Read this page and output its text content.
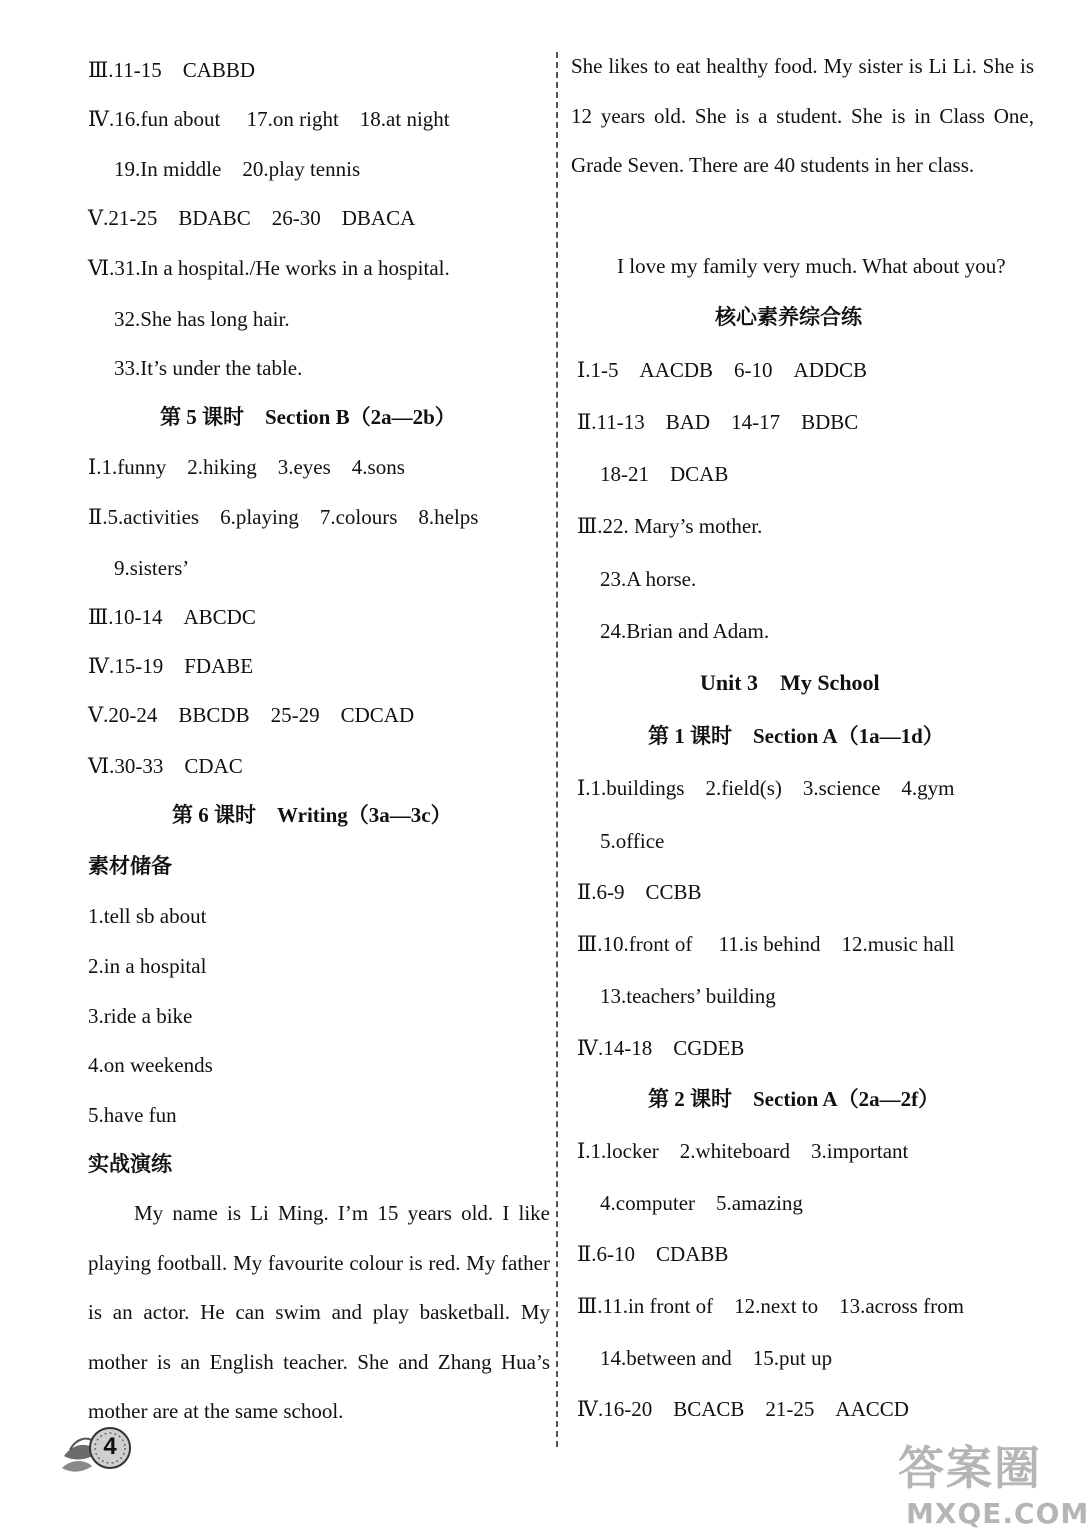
Ⅲ.11-15　CABBD
Ⅳ.16.fun about　 17.on right　18.at night
19.In middle　20.play tennis
Ⅴ.21-25　BDABC　26-30　DBACA
Ⅵ.31.In a hospital./He works in a hospital.
32.She has long hair.
33.It’s under the table.
第 5 课时　Section B（2a—2b）
Ⅰ.1.funny　2.hiking　3.eyes　4.sons
Ⅱ.5.activities　6.playing　7.colours　8.helps
9.sisters’
Ⅲ.10-14　ABCDC
Ⅳ.15-19　FDABE
Ⅴ.20-24　BBCDB　25-29　CDCAD
Ⅵ.30-33　CDAC
第 6 课时　Writing（3a—3c）
素材储备
1.tell sb about
2.in a hospital
3.ride a bike
4.on weekends
5.have fun
实战演练
My name is Li Ming. I’m 15 years old. I like playing football. My favourite colour is red. My father is an actor. He can swim and play basketball. My mother is an English teacher. She and Zhang Hua’s mother are at the same school.
She likes to eat healthy food. My sister is Li Li. She is 12 years old. She is a student. She is in Class One, Grade Seven. There are 40 students in her class.
I love my family very much. What about you?
核心素养综合练
Ⅰ.1-5　AACDB　6-10　ADDCB
Ⅱ.11-13　BAD　14-17　BDBC
18-21　DCAB
Ⅲ.22. Mary’s mother.
23.A horse.
24.Brian and Adam.
Unit 3　My School
第 1 课时　Section A（1a—1d）
Ⅰ.1.buildings　2.field(s)　3.science　4.gym
5.office
Ⅱ.6-9　CCBB
Ⅲ.10.front of　 11.is behind　12.music hall
13.teachers’ building
Ⅳ.14-18　CGDEB
第 2 课时　Section A（2a—2f）
Ⅰ.1.locker　2.whiteboard　3.important
4.computer　5.amazing
Ⅱ.6-10　CDABB
Ⅲ.11.in front of　12.next to　13.across from
14.between and　15.put up
Ⅳ.16-20　BCACB　21-25　AACCD
4	答案圈
MXQE.COM
